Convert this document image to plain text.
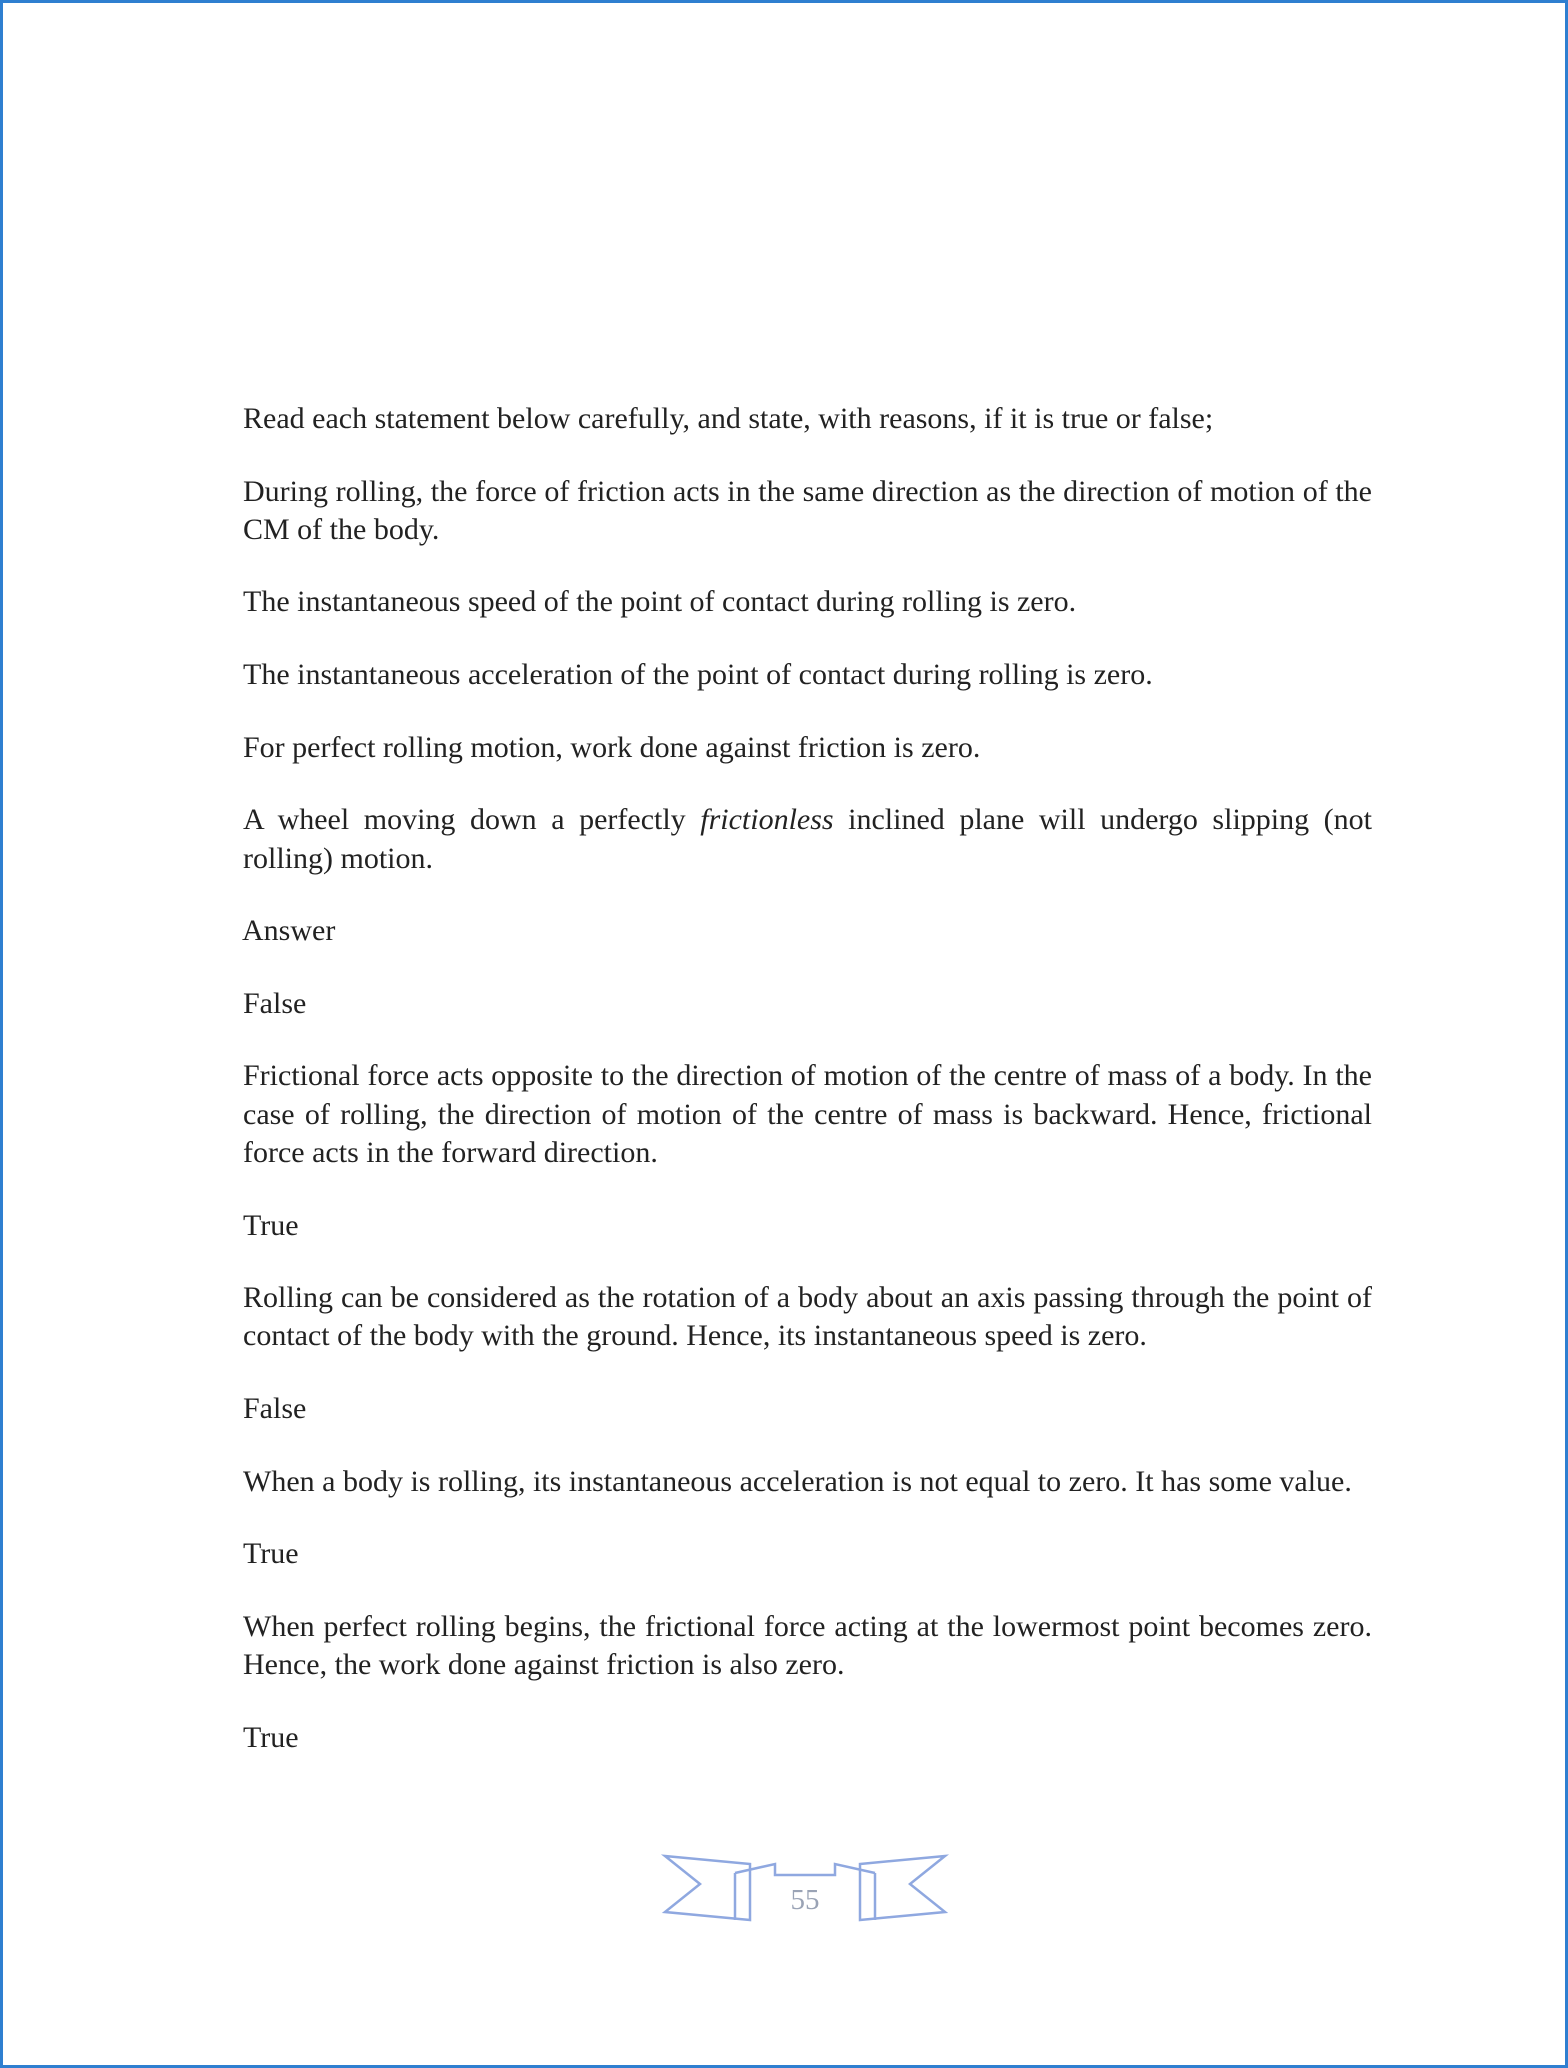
Read each statement below carefully, and state, with reasons, if it is true or false;

During rolling, the force of friction acts in the same direction as the direction of motion of the CM of the body.

The instantaneous speed of the point of contact during rolling is zero.

The instantaneous acceleration of the point of contact during rolling is zero.

For perfect rolling motion, work done against friction is zero.

A wheel moving down a perfectly frictionless inclined plane will undergo slipping (not rolling) motion.

Answer

False

Frictional force acts opposite to the direction of motion of the centre of mass of a body. In the case of rolling, the direction of motion of the centre of mass is backward. Hence, frictional force acts in the forward direction.

True

Rolling can be considered as the rotation of a body about an axis passing through the point of contact of the body with the ground. Hence, its instantaneous speed is zero.

False

When a body is rolling, its instantaneous acceleration is not equal to zero. It has some value.

True

When perfect rolling begins, the frictional force acting at the lowermost point becomes zero. Hence, the work done against friction is also zero.

True

55
